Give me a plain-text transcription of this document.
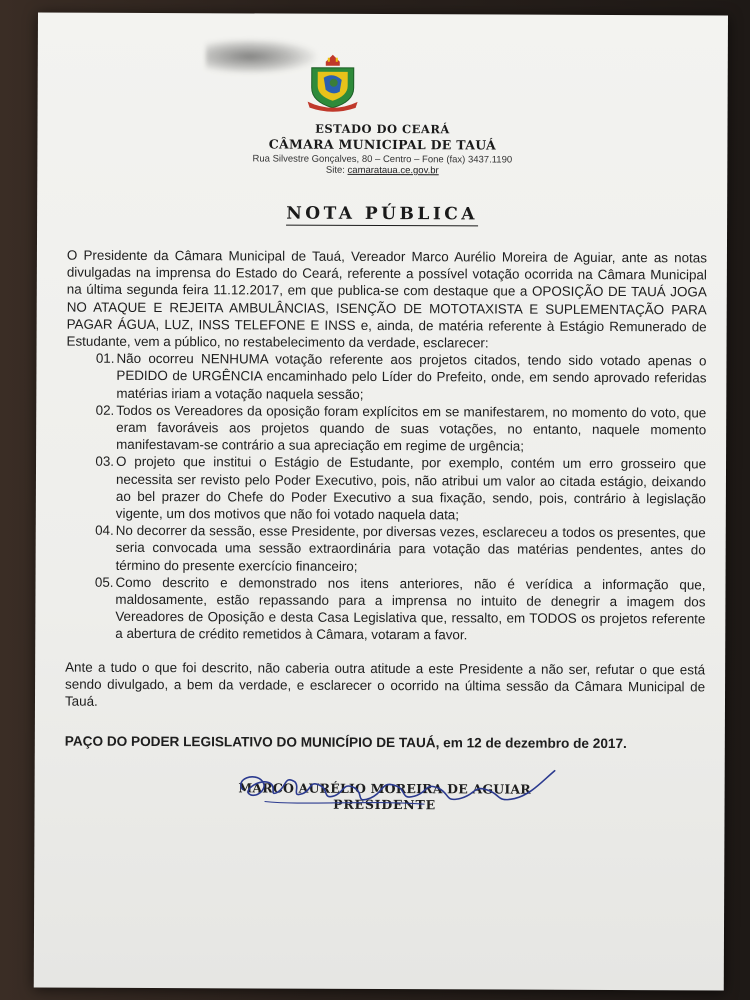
ESTADO DO CEARÁ
CÂMARA MUNICIPAL DE TAUÁ
Rua Silvestre Gonçalves, 80 – Centro – Fone (fax) 3437.1190
Site: camarataua.ce.gov.br
NOTA PÚBLICA

O Presidente da Câmara Municipal de Tauá, Vereador Marco Aurélio Moreira de Aguiar, ante as notas divulgadas na imprensa do Estado do Ceará, referente a possível votação ocorrida na Câmara Municipal na última segunda feira 11.12.2017, em que publica-se com destaque que a OPOSIÇÃO DE TAUÁ JOGA NO ATAQUE E REJEITA AMBULÂNCIAS, ISENÇÃO DE MOTOTAXISTA E SUPLEMENTAÇÃO PARA PAGAR ÁGUA, LUZ, INSS TELEFONE E INSS e, ainda, de matéria referente à Estágio Remunerado de Estudante, vem a público, no restabelecimento da verdade, esclarecer:

01. Não ocorreu NENHUMA votação referente aos projetos citados, tendo sido votado apenas o PEDIDO de URGÊNCIA encaminhado pelo Líder do Prefeito, onde, em sendo aprovado referidas matérias iriam a votação naquela sessão;
02. Todos os Vereadores da oposição foram explícitos em se manifestarem, no momento do voto, que eram favoráveis aos projetos quando de suas votações, no entanto, naquele momento manifestavam-se contrário a sua apreciação em regime de urgência;
03. O projeto que institui o Estágio de Estudante, por exemplo, contém um erro grosseiro que necessita ser revisto pelo Poder Executivo, pois, não atribui um valor ao citada estágio, deixando ao bel prazer do Chefe do Poder Executivo a sua fixação, sendo, pois, contrário à legislação vigente, um dos motivos que não foi votado naquela data;
04. No decorrer da sessão, esse Presidente, por diversas vezes, esclareceu a todos os presentes, que seria convocada uma sessão extraordinária para votação das matérias pendentes, antes do término do presente exercício financeiro;
05. Como descrito e demonstrado nos itens anteriores, não é verídica a informação que, maldosamente, estão repassando para a imprensa no intuito de denegrir a imagem dos Vereadores de Oposição e desta Casa Legislativa que, ressalto, em TODOS os projetos referente a abertura de crédito remetidos à Câmara, votaram a favor.

Ante a tudo o que foi descrito, não caberia outra atitude a este Presidente a não ser, refutar o que está sendo divulgado, a bem da verdade, e esclarecer o ocorrido na última sessão da Câmara Municipal de Tauá.

PAÇO DO PODER LEGISLATIVO DO MUNICÍPIO DE TAUÁ, em 12 de dezembro de 2017.
MARCO AURÉLIO MOREIRA DE AGUIAR
PRESIDENTE
